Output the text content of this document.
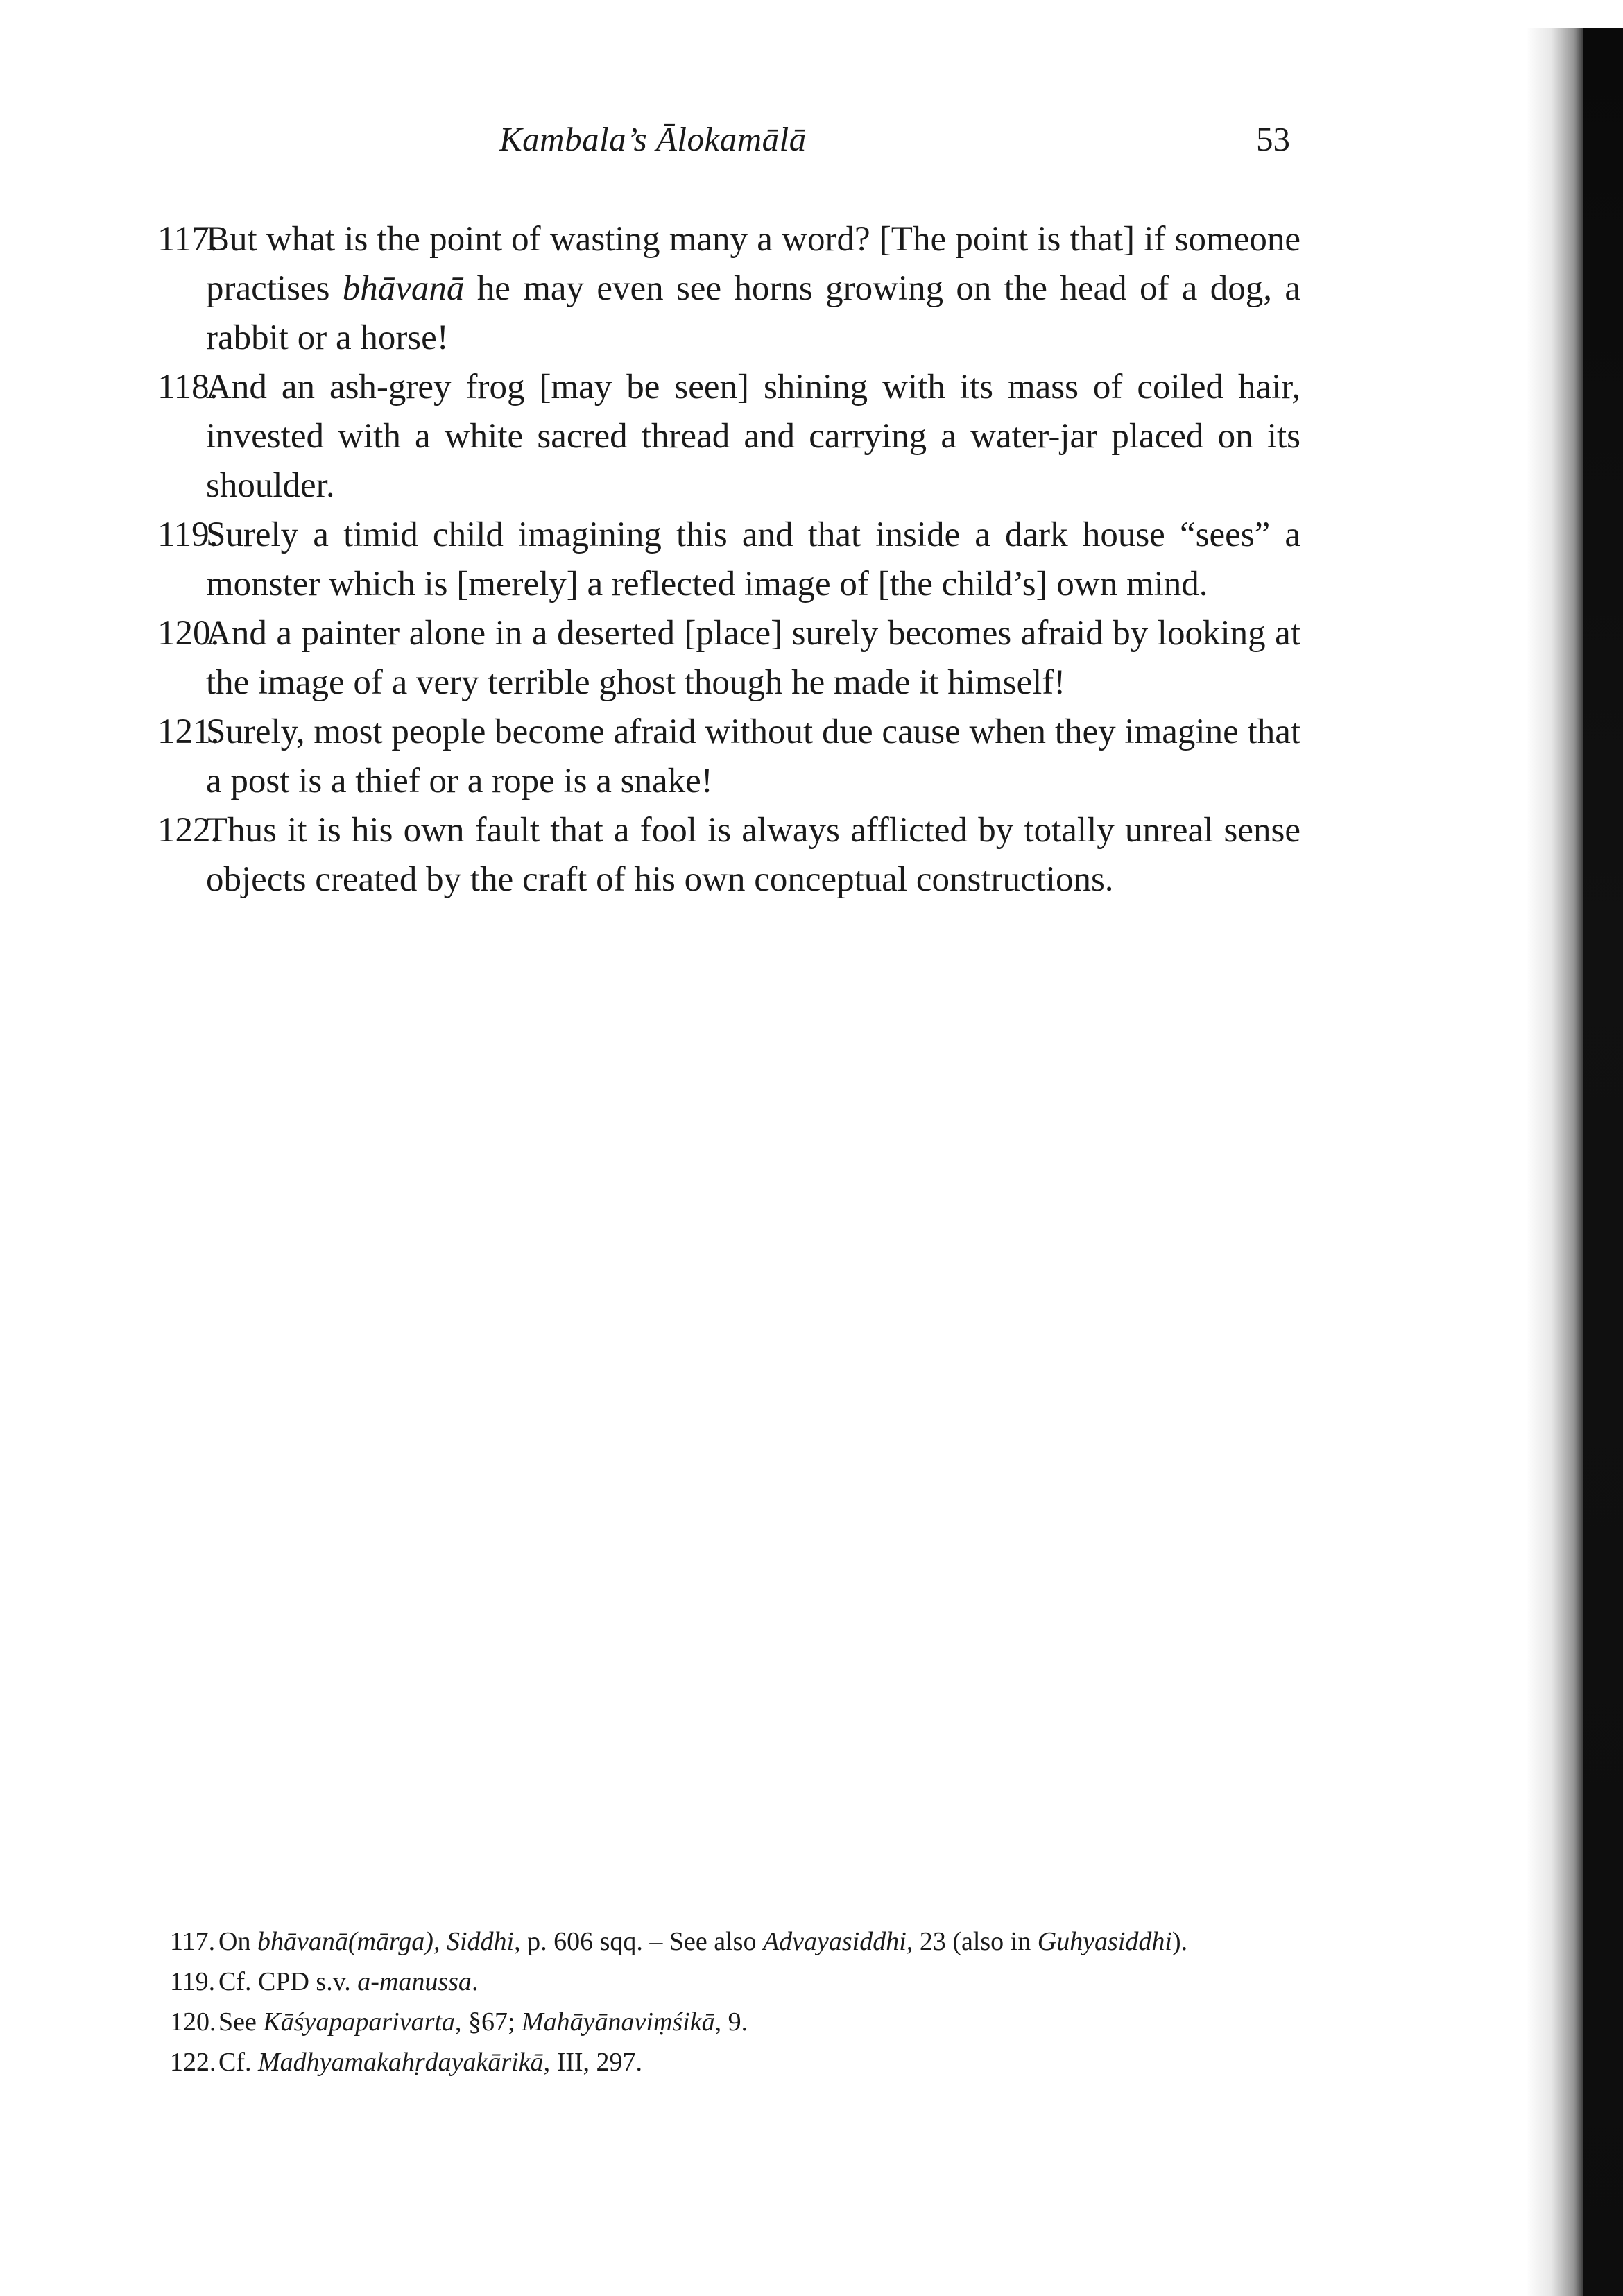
Kambala’s Ālokamālā	53
117.
But what is the point of wasting many a word? [The point is that] if someone practises bhāvanā he may even see horns growing on the head of a dog, a rabbit or a horse!
118.
And an ash-grey frog [may be seen] shining with its mass of coiled hair, invested with a white sacred thread and carrying a water-jar placed on its shoulder.
119.
Surely a timid child imagining this and that inside a dark house “sees” a monster which is [merely] a reflected image of [the child’s] own mind.
120.
And a painter alone in a deserted [place] surely becomes afraid by looking at the image of a very terrible ghost though he made it himself!
121.
Surely, most people become afraid without due cause when they imagine that a post is a thief or a rope is a snake!
122.
Thus it is his own fault that a fool is always afflicted by totally unreal sense objects created by the craft of his own conceptual constructions.
117. On bhāvanā(mārga), Siddhi, p. 606 sqq. – See also Advayasiddhi, 23 (also in Guhyasiddhi).
119. Cf. CPD s.v. a-manussa.
120. See Kāśyapaparivarta, §67; Mahāyānaviṃśikā, 9.
122. Cf. Madhyamakahṛdayakārikā, III, 297.
